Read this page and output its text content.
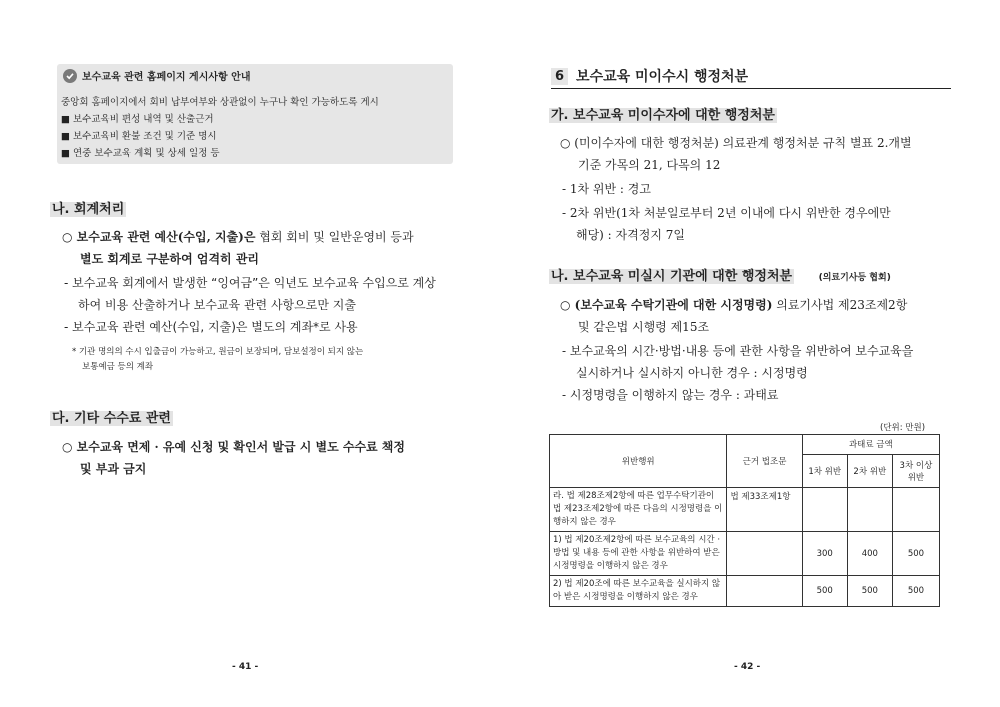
보수교육 관련 홈페이지 게시사항 안내
중앙회 홈페이지에서 회비 납부여부와 상관없이 누구나 확인 가능하도록 게시
■ 보수교육비 편성 내역 및 산출근거
■ 보수교육비 환불 조건 및 기준 명시
■ 연중 보수교육 계획 및 상세 일정 등
나. 회계처리
○ 보수교육 관련 예산(수입, 지출)은 협회 회비 및 일반운영비 등과
별도 회계로 구분하여 엄격히 관리
- 보수교육 회계에서 발생한 “잉여금”은 익년도 보수교육 수입으로 계상
하여 비용 산출하거나 보수교육 관련 사항으로만 지출
- 보수교육 관련 예산(수입, 지출)은 별도의 계좌*로 사용
* 기관 명의의 수시 입출금이 가능하고, 원금이 보장되며, 담보설정이 되지 않는
보통예금 등의 계좌
다. 기타 수수료 관련
○ 보수교육 면제 · 유예 신청 및 확인서 발급 시 별도 수수료 책정
및 부과 금지
- 41 -
6 보수교육 미이수시 행정처분
가. 보수교육 미이수자에 대한 행정처분
○ (미이수자에 대한 행정처분) 의료관계 행정처분 규칙 별표 2.개별
기준 가목의 21, 다목의 12
- 1차 위반 : 경고
- 2차 위반(1차 처분일로부터 2년 이내에 다시 위반한 경우에만
해당) : 자격정지 7일
나. 보수교육 미실시 기관에 대한 행정처분	(의료기사등 협회)
○ (보수교육 수탁기관에 대한 시정명령) 의료기사법 제23조제2항
및 같은법 시행령 제15조
- 보수교육의 시간·방법·내용 등에 관한 사항을 위반하여 보수교육을
실시하거나 실시하지 아니한 경우 : 시정명령
- 시정명령을 이행하지 않는 경우 : 과태료
(단위: 만원)
위반행위	근거 법조문	과태료 금액		
		1차 위반	2차 위반	3차 이상 위반
라. 법 제28조제2항에 따른 업무수탁기관이 법 제23조제2항에 따른 다음의 시정명령을 이행하지 않은 경우	법 제33조제1항			
1) 법 제20조제2항에 따른 보수교육의 시간 · 방법 및 내용 등에 관한 사항을 위반하여 받은 시정명령을 이행하지 않은 경우		300	400	500
2) 법 제20조에 따른 보수교육을 실시하지 않아 받은 시정명령을 이행하지 않은 경우		500	500	500
- 42 -
